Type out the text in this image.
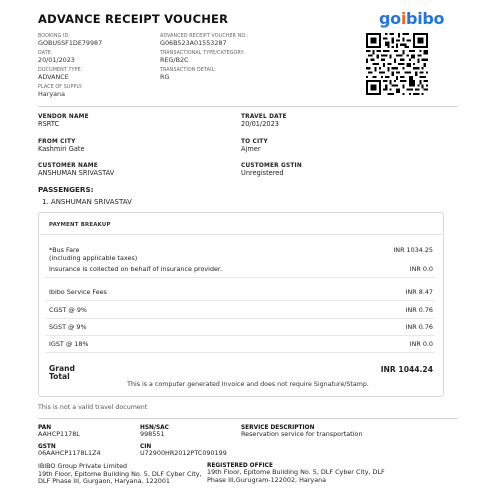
ADVANCE RECEIPT VOUCHER	goibibo
BOOKING ID:
GOBUSSF1DE79987
ADVANCED RECEIPT VOUCHER NO.:
G06B523A01553287
DATE:
20/01/2023
TRANSACTIONAL TYPE/CATEGORY:
REG/B2C
DOCUMENT TYPE:
ADVANCE
TRANSACTION DETAIL:
RG
PLACE OF SUPPLY:
Haryana
VENDOR NAME
RSRTC
TRAVEL DATE
20/01/2023
FROM CITY
Kashmiri Gate
TO CITY
Ajmer
CUSTOMER NAME
ANSHUMAN SRIVASTAV
CUSTOMER GSTIN
Unregistered
PASSENGERS:
1. ANSHUMAN SRIVASTAV
PAYMENT BREAKUP
*Bus Fare
(including applicable taxes)
INR 1034.25
Insurance is collected on behalf of insurance provider.	INR 0.0
Ibibo Service Fees	INR 8.47
CGST @ 9%	INR 0.76
SGST @ 9%	INR 0.76
IGST @ 18%	INR 0.0
Grand
Total
INR 1044.24
This is a computer generated Invoice and does not require Signature/Stamp.
This is not a valid travel document
PAN
AAHCP1178L
HSN/SAC
998551
SERVICE DESCRIPTION
Reservation service for transportation
GSTN
06AAHCP1178L1Z4
CIN
U72900HR2012PTC090199
IBIBO Group Private Limited
19th Floor, Epitome Building No. 5, DLF Cyber City, DLF Phase III, Gurgaon, Haryana, 122001
REGISTERED OFFICE
19th Floor, Epitome Building No. 5, DLF Cyber City, DLF Phase III,Gurugram-122002, Haryana
